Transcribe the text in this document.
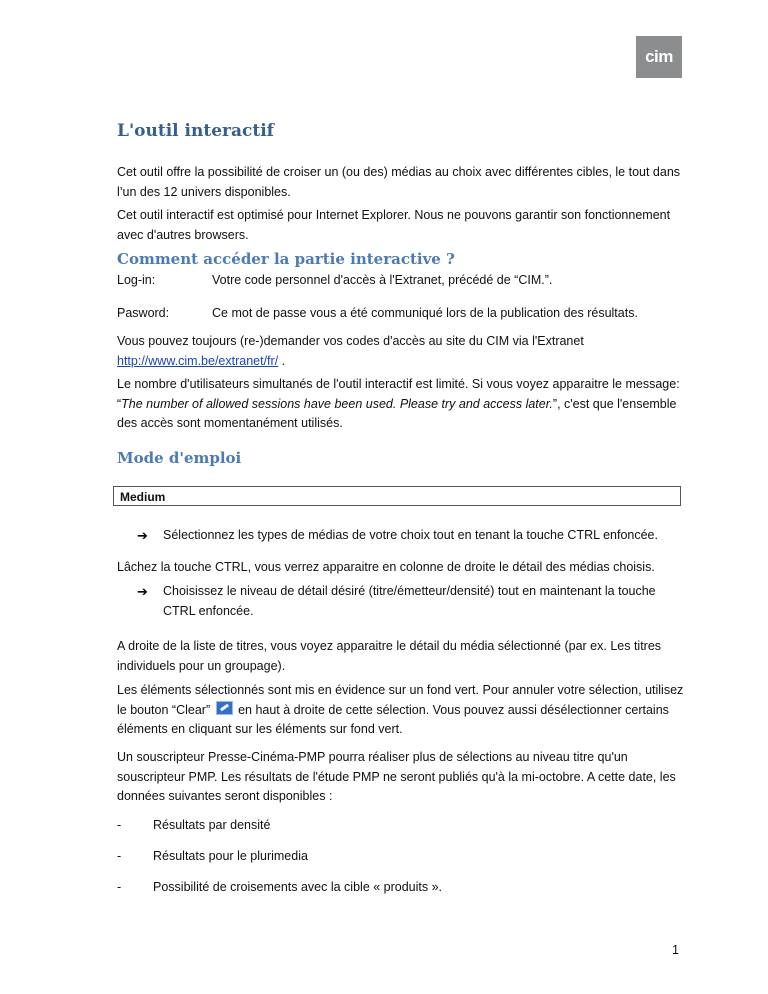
cim
L'outil interactif

Cet outil offre la possibilité de croiser un (ou des) médias au choix avec différentes cibles, le tout dans l’un des 12 univers disponibles.

Cet outil interactif est optimisé pour Internet Explorer. Nous ne pouvons garantir son fonctionnement avec d'autres browsers.

Comment accéder la partie interactive ?
Log-in:	Votre code personnel d'accès à l'Extranet, précédé de “CIM.”.
Pasword:	Ce mot de passe vous a été communiqué lors de la publication des résultats.

Vous pouvez toujours (re-)demander vos codes d'accès au site du CIM via l'Extranet
http://www.cim.be/extranet/fr/ .

Le nombre d'utilisateurs simultanés de l'outil interactif est limité. Si vous voyez apparaitre le message: “The number of allowed sessions have been used. Please try and access later.”, c'est que l'ensemble des accès sont momentanément utilisés.

Mode d'emploi
Medium
➔	Sélectionnez les types de médias de votre choix tout en tenant la touche CTRL enfoncée.

Lâchez la touche CTRL, vous verrez apparaitre en colonne de droite le détail des médias choisis.

➔	Choisissez le niveau de détail désiré (titre/émetteur/densité) tout en maintenant la touche CTRL enfoncée.

A droite de la liste de titres, vous voyez apparaitre le détail du média sélectionné (par ex. Les titres individuels pour un groupage).

Les éléments sélectionnés sont mis en évidence sur un fond vert. Pour annuler votre sélection, utilisez le bouton “Clear”  en haut à droite de cette sélection. Vous pouvez aussi désélectionner certains éléments en cliquant sur les éléments sur fond vert.

Un souscripteur Presse-Cinéma-PMP pourra réaliser plus de sélections au niveau titre qu'un souscripteur PMP. Les résultats de l'étude PMP ne seront publiés qu'à la mi-octobre. A cette date, les données suivantes seront disponibles :

-	Résultats par densité
-	Résultats pour le plurimedia
-	Possibilité de croisements avec la cible « produits ».
1
